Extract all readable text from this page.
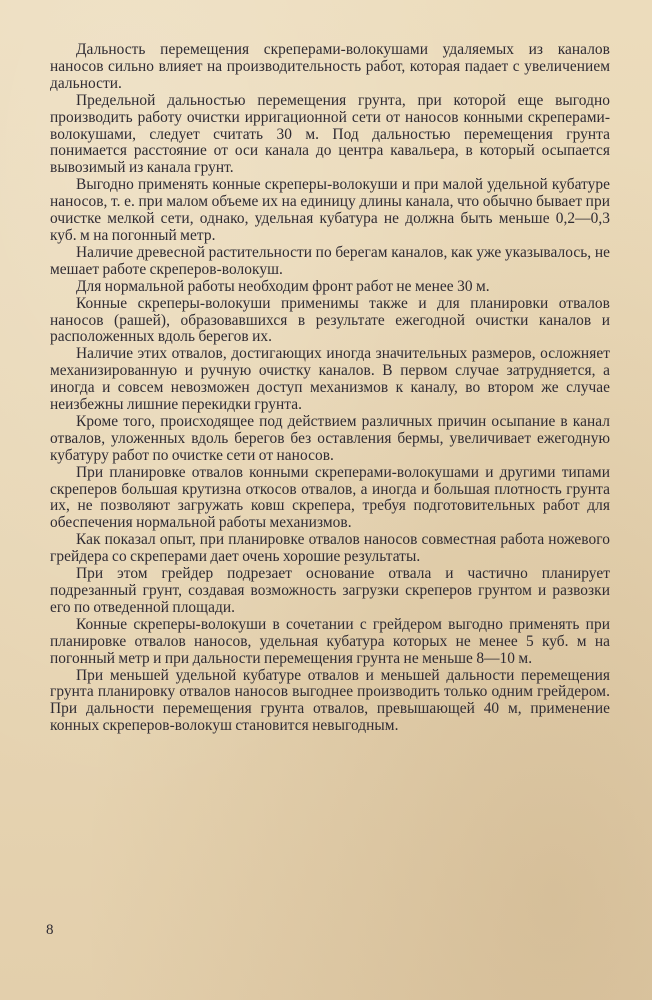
Дальность перемещения скреперами-волокушами удаляемых из каналов наносов сильно влияет на производительность работ, которая падает с увеличением дальности.

Предельной дальностью перемещения грунта, при которой еще выгодно производить работу очистки ирригационной сети от наносов конными скреперами-волокушами, следует считать 30 м. Под дальностью перемещения грунта понимается расстояние от оси канала до центра кавальера, в который осыпается вывозимый из канала грунт.

Выгодно применять конные скреперы-волокуши и при малой удельной кубатуре наносов, т. е. при малом объеме их на единицу длины канала, что обычно бывает при очистке мелкой сети, однако, удельная кубатура не должна быть меньше 0,2—0,3 куб. м на погонный метр.

Наличие древесной растительности по берегам каналов, как уже указывалось, не мешает работе скреперов-волокуш.

Для нормальной работы необходим фронт работ не менее 30 м.

Конные скреперы-волокуши применимы также и для планировки отвалов наносов (рашей), образовавшихся в результате ежегодной очистки каналов и расположенных вдоль берегов их.

Наличие этих отвалов, достигающих иногда значительных размеров, осложняет механизированную и ручную очистку каналов. В первом случае затрудняется, а иногда и совсем невозможен доступ механизмов к каналу, во втором же случае неизбежны лишние перекидки грунта.

Кроме того, происходящее под действием различных причин осыпание в канал отвалов, уложенных вдоль берегов без оставления бермы, увеличивает ежегодную кубатуру работ по очистке сети от наносов.

При планировке отвалов конными скреперами-волокушами и другими типами скреперов большая крутизна откосов отвалов, а иногда и большая плотность грунта их, не позволяют загружать ковш скрепера, требуя подготовительных работ для обеспечения нормальной работы механизмов.

Как показал опыт, при планировке отвалов наносов совместная работа ножевого грейдера со скреперами дает очень хорошие результаты.

При этом грейдер подрезает основание отвала и частично планирует подрезанный грунт, создавая возможность загрузки скреперов грунтом и развозки его по отведенной площади.

Конные скреперы-волокуши в сочетании с грейдером выгодно применять при планировке отвалов наносов, удельная кубатура которых не менее 5 куб. м на погонный метр и при дальности перемещения грунта не меньше 8—10 м.

При меньшей удельной кубатуре отвалов и меньшей дальности перемещения грунта планировку отвалов наносов выгоднее производить только одним грейдером. При дальности перемещения грунта отвалов, превышающей 40 м, применение конных скреперов-волокуш становится невыгодным.

8
